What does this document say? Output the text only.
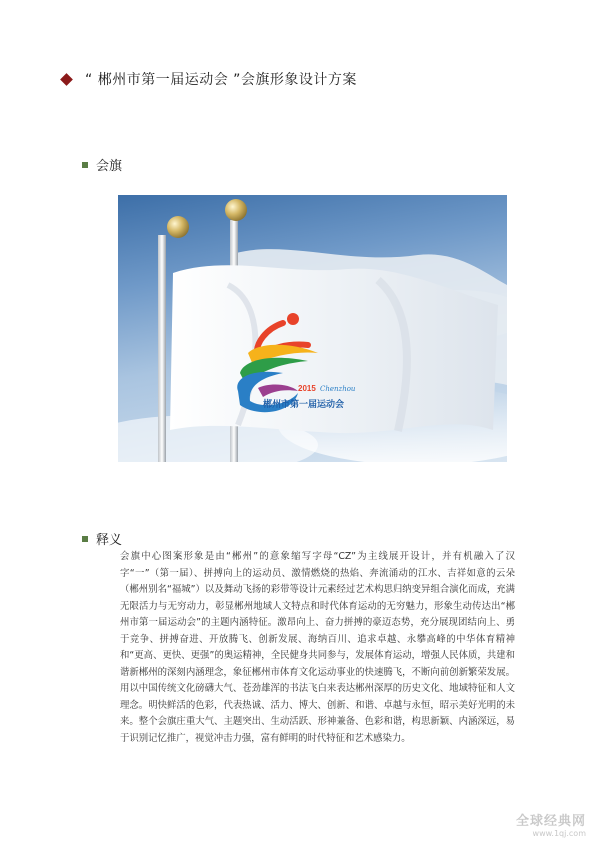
“ 郴州市第一届运动会 ”会旗形象设计方案
会旗
2015 Chenzhou
郴州市第一届运动会
释义
会旗中心图案形象是由“郴州”的意象缩写字母“CZ”为主线展开设计，并有机融入了汉字“一”（第一届）、拼搏向上的运动员、激情燃烧的热焰、奔流涌动的江水、吉祥如意的云朵（郴州别名“福城”）以及舞动飞扬的彩带等设计元素经过艺术构思归纳变异组合演化而成，充满无限活力与无穷动力，彰显郴州地域人文特点和时代体育运动的无穷魅力，形象生动传达出“郴州市第一届运动会”的主题内涵特征。激昂向上、奋力拼搏的豪迈态势，充分展现团结向上、勇于竞争、拼搏奋进、开放腾飞、创新发展、海纳百川、追求卓越、永攀高峰的中华体育精神和“更高、更快、更强”的奥运精神，全民健身共同参与，发展体育运动，增强人民体质，共建和谐新郴州的深刻内涵理念，象征郴州市体育文化运动事业的快速腾飞，不断向前创新繁荣发展。用以中国传统文化磅礴大气、苍劲雄浑的书法飞白来表达郴州深厚的历史文化、地域特征和人文理念。明快鲜活的色彩，代表热诚、活力、博大、创新、和谐、卓越与永恒，昭示美好光明的未来。整个会旗庄重大气、主题突出、生动活跃、形神兼备、色彩和谐，构思新颖、内涵深远，易于识别记忆推广，视觉冲击力强，富有鲜明的时代特征和艺术感染力。
全球经典网
www.1qj.com
